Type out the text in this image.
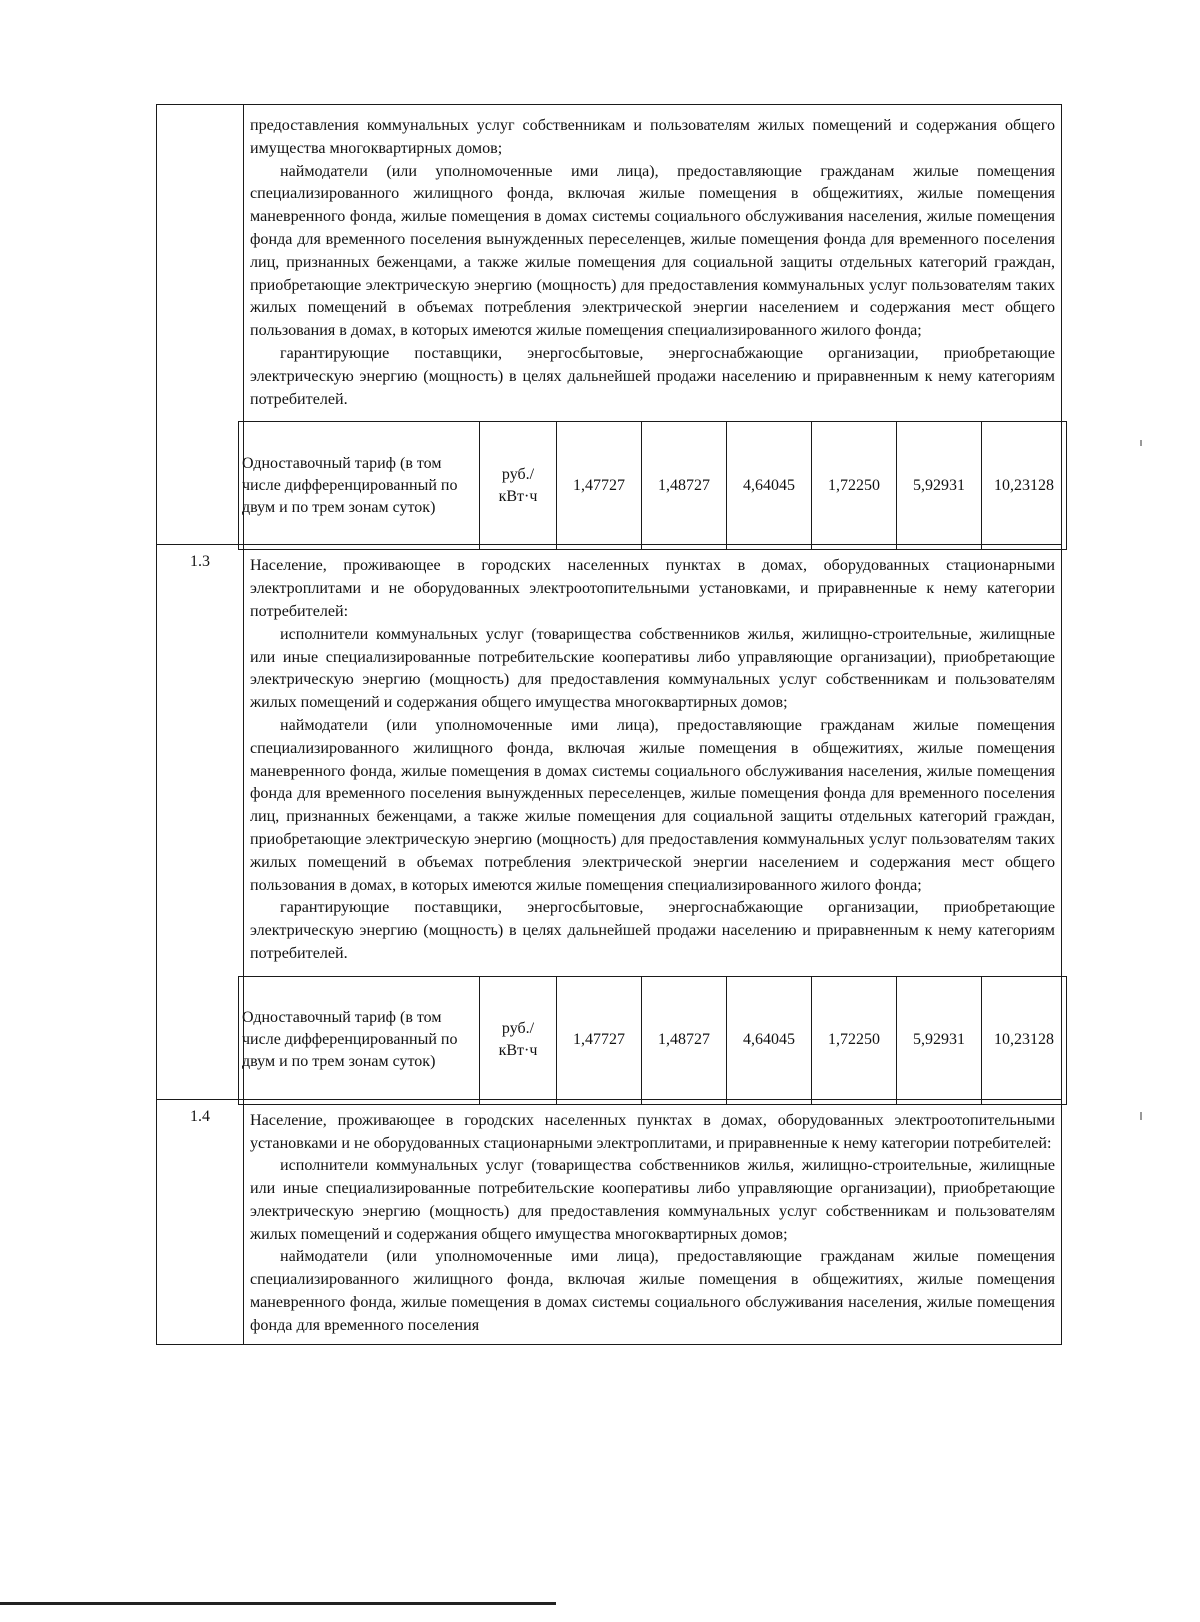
предоставления коммунальных услуг собственникам и пользователям жилых помещений и содержания общего имущества многоквартирных домов;

наймодатели (или уполномоченные ими лица), предоставляющие гражданам жилые помещения специализированного жилищного фонда, включая жилые помещения в общежитиях, жилые помещения маневренного фонда, жилые помещения в домах системы социального обслуживания населения, жилые помещения фонда для временного поселения вынужденных переселенцев, жилые помещения фонда для временного поселения лиц, признанных беженцами, а также жилые помещения для социальной защиты отдельных категорий граждан, приобретающие электрическую энергию (мощность) для предоставления коммунальных услуг пользователям таких жилых помещений в объемах потребления электрической энергии населением и содержания мест общего пользования в домах, в которых имеются жилые помещения специализированного жилого фонда;

гарантирующие поставщики, энергосбытовые, энергоснабжающие организации, приобретающие электрическую энергию (мощность) в целях дальнейшей продажи населению и приравненным к нему категориям потребителей.

Одноставочный тариф (в том числе дифференцированный по двум и по трем зонам суток)	руб./ кВт·ч	1,47727	1,48727	4,64045	1,72250	5,92931	10,23128

1.3	Население, проживающее в городских населенных пунктах в домах, оборудованных стационарными электроплитами и не оборудованных электроотопительными установками, и приравненные к нему категории потребителей:

исполнители коммунальных услуг (товарищества собственников жилья, жилищно-строительные, жилищные или иные специализированные потребительские кооперативы либо управляющие организации), приобретающие электрическую энергию (мощность) для предоставления коммунальных услуг собственникам и пользователям жилых помещений и содержания общего имущества многоквартирных домов;

наймодатели (или уполномоченные ими лица), предоставляющие гражданам жилые помещения специализированного жилищного фонда, включая жилые помещения в общежитиях, жилые помещения маневренного фонда, жилые помещения в домах системы социального обслуживания населения, жилые помещения фонда для временного поселения вынужденных переселенцев, жилые помещения фонда для временного поселения лиц, признанных беженцами, а также жилые помещения для социальной защиты отдельных категорий граждан, приобретающие электрическую энергию (мощность) для предоставления коммунальных услуг пользователям таких жилых помещений в объемах потребления электрической энергии населением и содержания мест общего пользования в домах, в которых имеются жилые помещения специализированного жилого фонда;

гарантирующие поставщики, энергосбытовые, энергоснабжающие организации, приобретающие электрическую энергию (мощность) в целях дальнейшей продажи населению и приравненным к нему категориям потребителей.

Одноставочный тариф (в том числе дифференцированный по двум и по трем зонам суток)	руб./ кВт·ч	1,47727	1,48727	4,64045	1,72250	5,92931	10,23128

1.4	Население, проживающее в городских населенных пунктах в домах, оборудованных электроотопительными установками и не оборудованных стационарными электроплитами, и приравненные к нему категории потребителей:

исполнители коммунальных услуг (товарищества собственников жилья, жилищно-строительные, жилищные или иные специализированные потребительские кооперативы либо управляющие организации), приобретающие электрическую энергию (мощность) для предоставления коммунальных услуг собственникам и пользователям жилых помещений и содержания общего имущества многоквартирных домов;

наймодатели (или уполномоченные ими лица), предоставляющие гражданам жилые помещения специализированного жилищного фонда, включая жилые помещения в общежитиях, жилые помещения маневренного фонда, жилые помещения в домах системы социального обслуживания населения, жилые помещения фонда для временного поселения
